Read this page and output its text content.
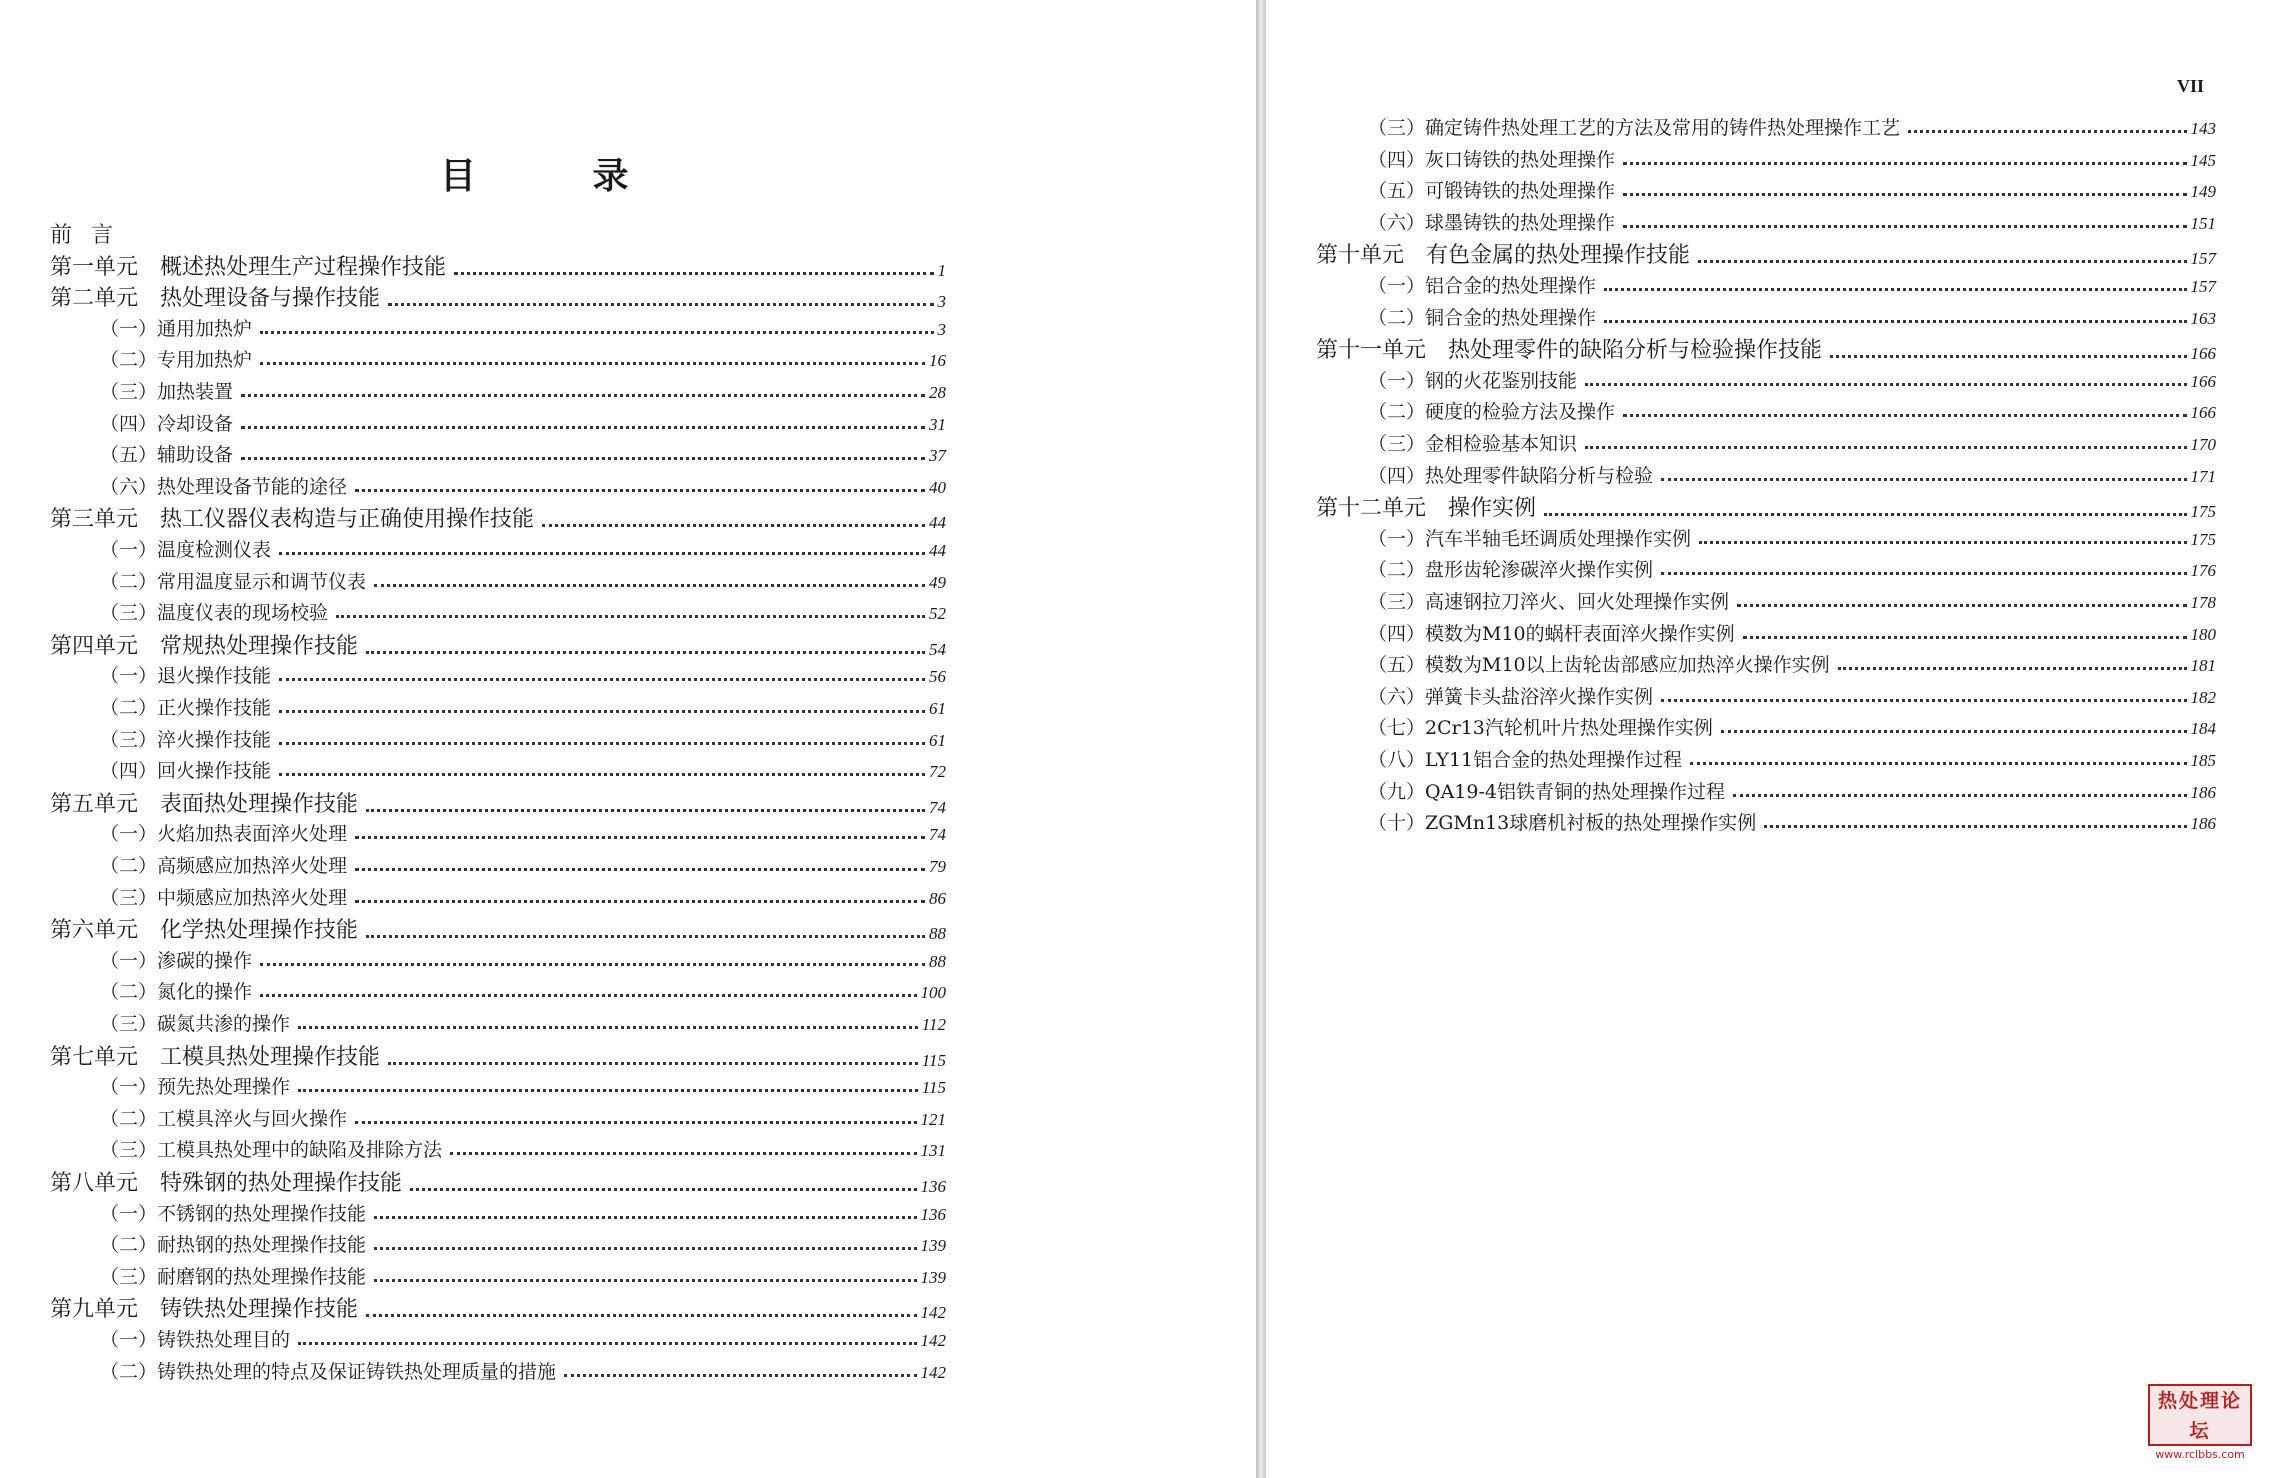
目 录
VII
热处理论坛
www.rclbbs.com
前 言
第一单元　概述热处理生产过程操作技能	1
第二单元　热处理设备与操作技能	3
（一）通用加热炉	3
（二）专用加热炉	16
（三）加热装置	28
（四）冷却设备	31
（五）辅助设备	37
（六）热处理设备节能的途径	40
第三单元　热工仪器仪表构造与正确使用操作技能	44
（一）温度检测仪表	44
（二）常用温度显示和调节仪表	49
（三）温度仪表的现场校验	52
第四单元　常规热处理操作技能	54
（一）退火操作技能	56
（二）正火操作技能	61
（三）淬火操作技能	61
（四）回火操作技能	72
第五单元　表面热处理操作技能	74
（一）火焰加热表面淬火处理	74
（二）高频感应加热淬火处理	79
（三）中频感应加热淬火处理	86
第六单元　化学热处理操作技能	88
（一）渗碳的操作	88
（二）氮化的操作	100
（三）碳氮共渗的操作	112
第七单元　工模具热处理操作技能	115
（一）预先热处理操作	115
（二）工模具淬火与回火操作	121
（三）工模具热处理中的缺陷及排除方法	131
第八单元　特殊钢的热处理操作技能	136
（一）不锈钢的热处理操作技能	136
（二）耐热钢的热处理操作技能	139
（三）耐磨钢的热处理操作技能	139
第九单元　铸铁热处理操作技能	142
（一）铸铁热处理目的	142
（二）铸铁热处理的特点及保证铸铁热处理质量的措施	142
（三）确定铸件热处理工艺的方法及常用的铸件热处理操作工艺	143
（四）灰口铸铁的热处理操作	145
（五）可锻铸铁的热处理操作	149
（六）球墨铸铁的热处理操作	151
第十单元　有色金属的热处理操作技能	157
（一）铝合金的热处理操作	157
（二）铜合金的热处理操作	163
第十一单元　热处理零件的缺陷分析与检验操作技能	166
（一）钢的火花鉴别技能	166
（二）硬度的检验方法及操作	166
（三）金相检验基本知识	170
（四）热处理零件缺陷分析与检验	171
第十二单元　操作实例	175
（一）汽车半轴毛坯调质处理操作实例	175
（二）盘形齿轮渗碳淬火操作实例	176
（三）高速钢拉刀淬火、回火处理操作实例	178
（四）模数为M10的蜗杆表面淬火操作实例	180
（五）模数为M10以上齿轮齿部感应加热淬火操作实例	181
（六）弹簧卡头盐浴淬火操作实例	182
（七）2Cr13汽轮机叶片热处理操作实例	184
（八）LY11铝合金的热处理操作过程	185
（九）QA19-4铝铁青铜的热处理操作过程	186
（十）ZGMn13球磨机衬板的热处理操作实例	186
